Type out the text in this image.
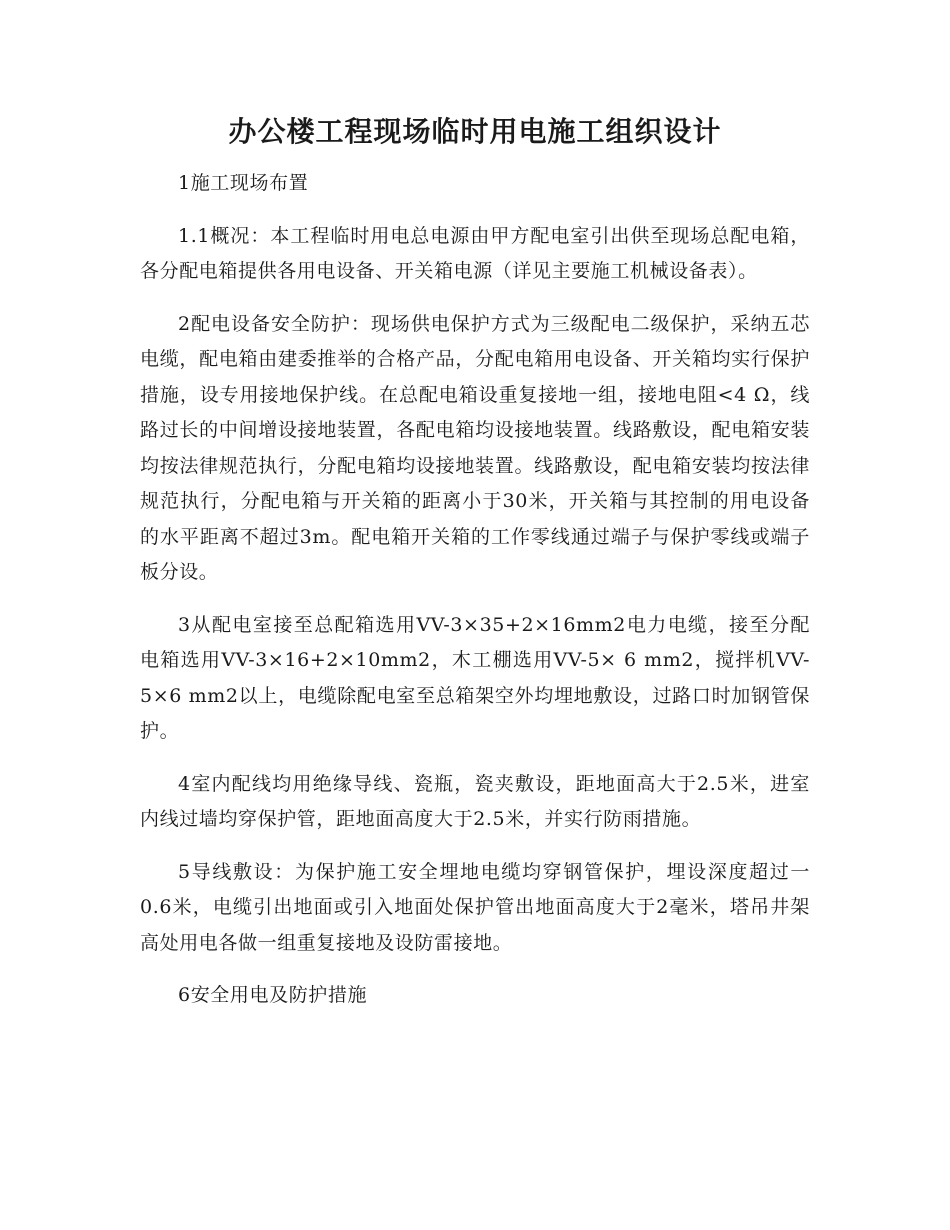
办公楼工程现场临时用电施工组织设计

1施工现场布置

1.1概况：本工程临时用电总电源由甲方配电室引出供至现场总配电箱，各分配电箱提供各用电设备、开关箱电源（详见主要施工机械设备表）。

2配电设备安全防护：现场供电保护方式为三级配电二级保护，采纳五芯电缆，配电箱由建委推举的合格产品，分配电箱用电设备、开关箱均实行保护措施，设专用接地保护线。在总配电箱设重复接地一组，接地电阻<4 Ω，线路过长的中间增设接地装置，各配电箱均设接地装置。线路敷设，配电箱安装均按法律规范执行，分配电箱均设接地装置。线路敷设，配电箱安装均按法律规范执行，分配电箱与开关箱的距离小于30米，开关箱与其控制的用电设备的水平距离不超过3m。配电箱开关箱的工作零线通过端子与保护零线或端子板分设。

3从配电室接至总配箱选用VV-3×35+2×16mm2电力电缆，接至分配电箱选用VV-3×16+2×10mm2，木工棚选用VV-5× 6 mm2，搅拌机VV-5×6 mm2以上，电缆除配电室至总箱架空外均埋地敷设，过路口时加钢管保护。

4室内配线均用绝缘导线、瓷瓶，瓷夹敷设，距地面高大于2.5米，进室内线过墙均穿保护管，距地面高度大于2.5米，并实行防雨措施。

5导线敷设：为保护施工安全埋地电缆均穿钢管保护，埋设深度超过一0.6米，电缆引出地面或引入地面处保护管出地面高度大于2毫米，塔吊井架高处用电各做一组重复接地及设防雷接地。

6安全用电及防护措施
